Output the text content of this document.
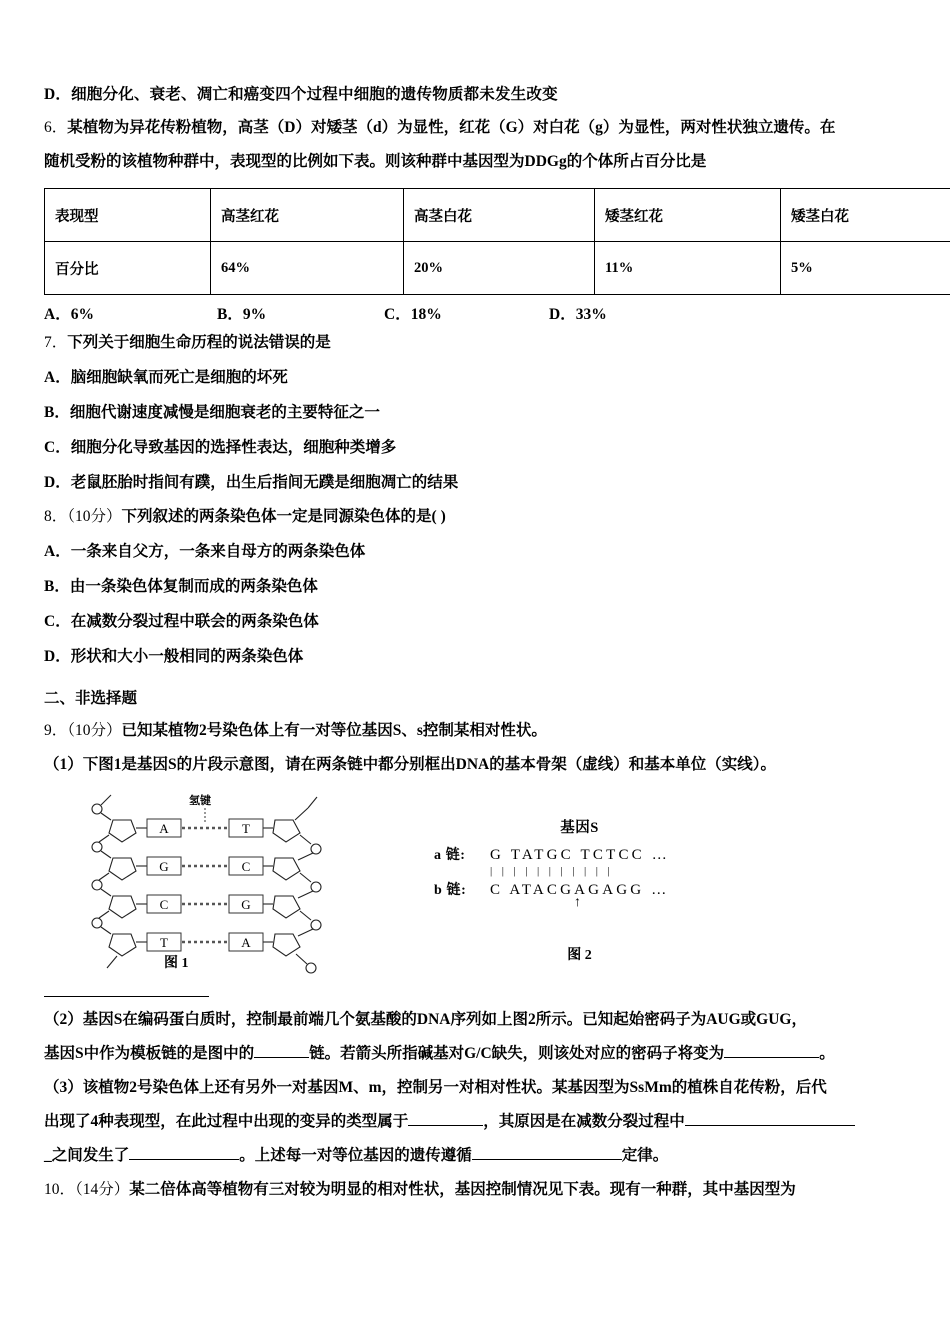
D．细胞分化、衰老、凋亡和癌变四个过程中细胞的遗传物质都未发生改变
6．某植物为异花传粉植物，高茎（D）对矮茎（d）为显性，红花（G）对白花（g）为显性，两对性状独立遗传。在
随机受粉的该植物种群中，表现型的比例如下表。则该种群中基因型为DDGg的个体所占百分比是
表现型	高茎红花	高茎白花	矮茎红花	矮茎白花
百分比	64%	20%	11%	5%
A．6%	B．9%	C．18%	D．33%
7．下列关于细胞生命历程的说法错误的是
A．脑细胞缺氧而死亡是细胞的坏死
B．细胞代谢速度减慢是细胞衰老的主要特征之一
C．细胞分化导致基因的选择性表达，细胞种类增多
D．老鼠胚胎时指间有蹼，出生后指间无蹼是细胞凋亡的结果
8．（10分）下列叙述的两条染色体一定是同源染色体的是( )
A．一条来自父方，一条来自母方的两条染色体
B．由一条染色体复制而成的两条染色体
C．在减数分裂过程中联会的两条染色体
D．形状和大小一般相同的两条染色体
二、非选择题
9．（10分）已知某植物2号染色体上有一对等位基因S、s控制某相对性状。
（1）下图1是基因S的片段示意图，请在两条链中都分别框出DNA的基本骨架（虚线）和基本单位（实线）。
氢键
A	T
G	C
C	G
T	A
图 1
基因S
a 链: G TATGC TCTCC …
| | | | | | | | | | |
b 链: C ATACGAGAGG …
↑
图 2
（2）基因S在编码蛋白质时，控制最前端几个氨基酸的DNA序列如上图2所示。已知起始密码子为AUG或GUG，
基因S中作为模板链的是图中的	链。若箭头所指碱基对G/C缺失，则该处对应的密码子将变为	。
（3）该植物2号染色体上还有另外一对基因M、m，控制另一对相对性状。某基因型为SsMm的植株自花传粉，后代
出现了4种表现型，在此过程中出现的变异的类型属于	，其原因是在减数分裂过程中
_之间发生了	。上述每一对等位基因的遗传遵循	定律。
10．（14分）某二倍体高等植物有三对较为明显的相对性状，基因控制情况见下表。现有一种群，其中基因型为
